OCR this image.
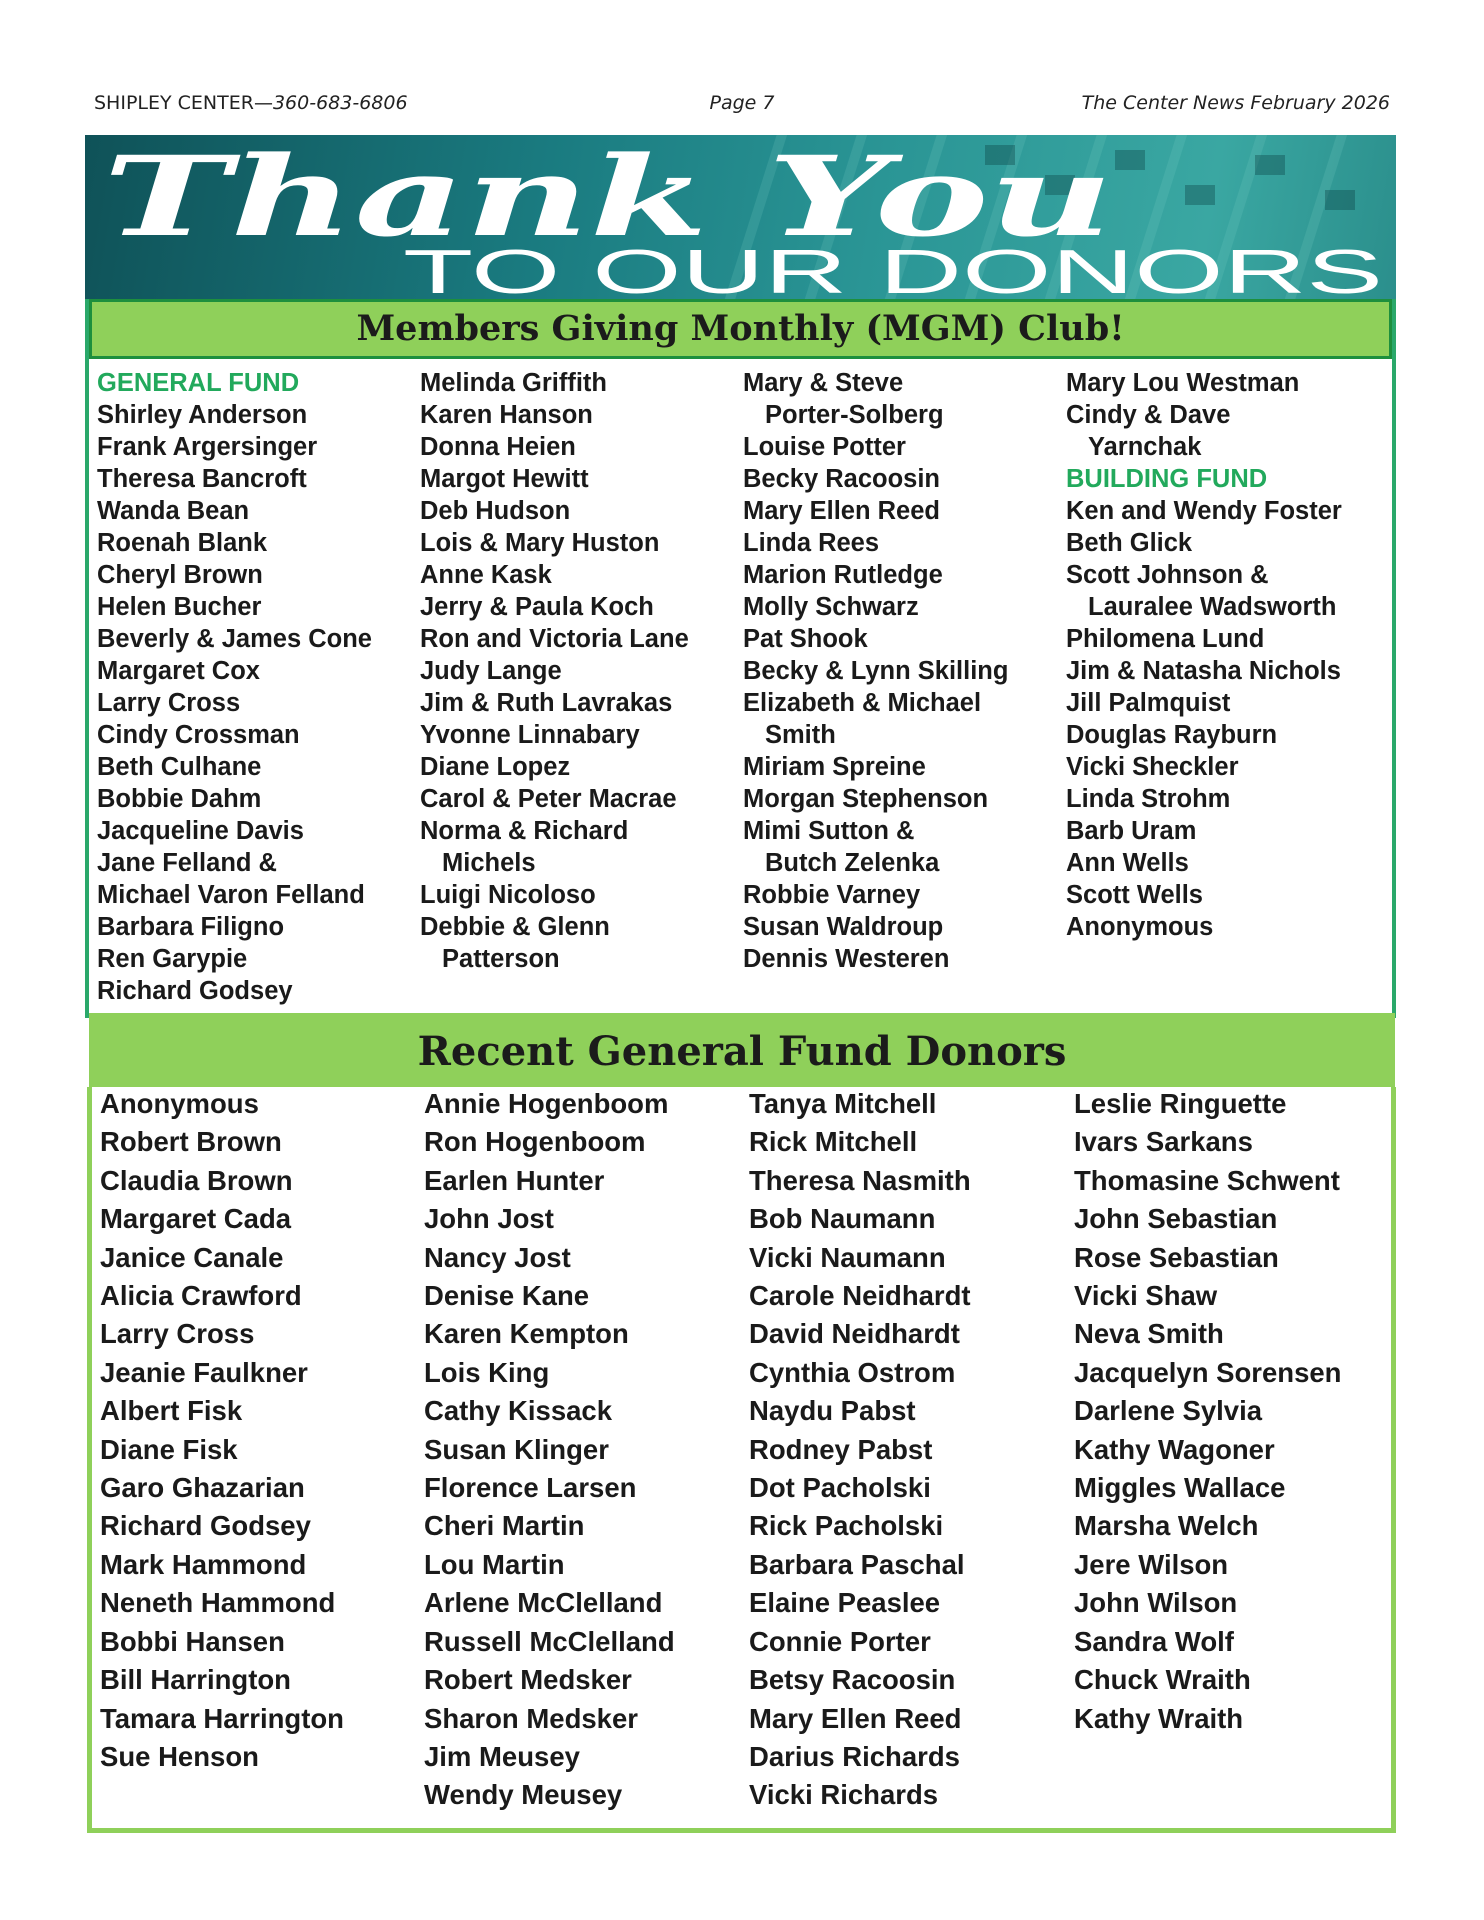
SHIPLEY CENTER—360-683-6806	Page 7	The Center News February 2026
Thank You
TO OUR DONORS
Members Giving Monthly (MGM) Club!
GENERAL FUND
Shirley Anderson
Frank Argersinger
Theresa Bancroft
Wanda Bean
Roenah Blank
Cheryl Brown
Helen Bucher
Beverly & James Cone
Margaret Cox
Larry Cross
Cindy Crossman
Beth Culhane
Bobbie Dahm
Jacqueline Davis
Jane Felland &
Michael Varon Felland
Barbara Filigno
Ren Garypie
Richard Godsey
Melinda Griffith
Karen Hanson
Donna Heien
Margot Hewitt
Deb Hudson
Lois & Mary Huston
Anne Kask
Jerry & Paula Koch
Ron and Victoria Lane
Judy Lange
Jim & Ruth Lavrakas
Yvonne Linnabary
Diane Lopez
Carol & Peter Macrae
Norma & Richard
Michels
Luigi Nicoloso
Debbie & Glenn
Patterson
Mary & Steve
Porter-Solberg
Louise Potter
Becky Racoosin
Mary Ellen Reed
Linda Rees
Marion Rutledge
Molly Schwarz
Pat Shook
Becky & Lynn Skilling
Elizabeth & Michael
Smith
Miriam Spreine
Morgan Stephenson
Mimi Sutton &
Butch Zelenka
Robbie Varney
Susan Waldroup
Dennis Westeren
Mary Lou Westman
Cindy & Dave
Yarnchak
BUILDING FUND
Ken and Wendy Foster
Beth Glick
Scott Johnson &
Lauralee Wadsworth
Philomena Lund
Jim & Natasha Nichols
Jill Palmquist
Douglas Rayburn
Vicki Sheckler
Linda Strohm
Barb Uram
Ann Wells
Scott Wells
Anonymous
Recent General Fund Donors
Anonymous
Robert Brown
Claudia Brown
Margaret Cada
Janice Canale
Alicia Crawford
Larry Cross
Jeanie Faulkner
Albert Fisk
Diane Fisk
Garo Ghazarian
Richard Godsey
Mark Hammond
Neneth Hammond
Bobbi Hansen
Bill Harrington
Tamara Harrington
Sue Henson
Annie Hogenboom
Ron Hogenboom
Earlen Hunter
John Jost
Nancy Jost
Denise Kane
Karen Kempton
Lois King
Cathy Kissack
Susan Klinger
Florence Larsen
Cheri Martin
Lou Martin
Arlene McClelland
Russell McClelland
Robert Medsker
Sharon Medsker
Jim Meusey
Wendy Meusey
Tanya Mitchell
Rick Mitchell
Theresa Nasmith
Bob Naumann
Vicki Naumann
Carole Neidhardt
David Neidhardt
Cynthia Ostrom
Naydu Pabst
Rodney Pabst
Dot Pacholski
Rick Pacholski
Barbara Paschal
Elaine Peaslee
Connie Porter
Betsy Racoosin
Mary Ellen Reed
Darius Richards
Vicki Richards
Leslie Ringuette
Ivars Sarkans
Thomasine Schwent
John Sebastian
Rose Sebastian
Vicki Shaw
Neva Smith
Jacquelyn Sorensen
Darlene Sylvia
Kathy Wagoner
Miggles Wallace
Marsha Welch
Jere Wilson
John Wilson
Sandra Wolf
Chuck Wraith
Kathy Wraith
